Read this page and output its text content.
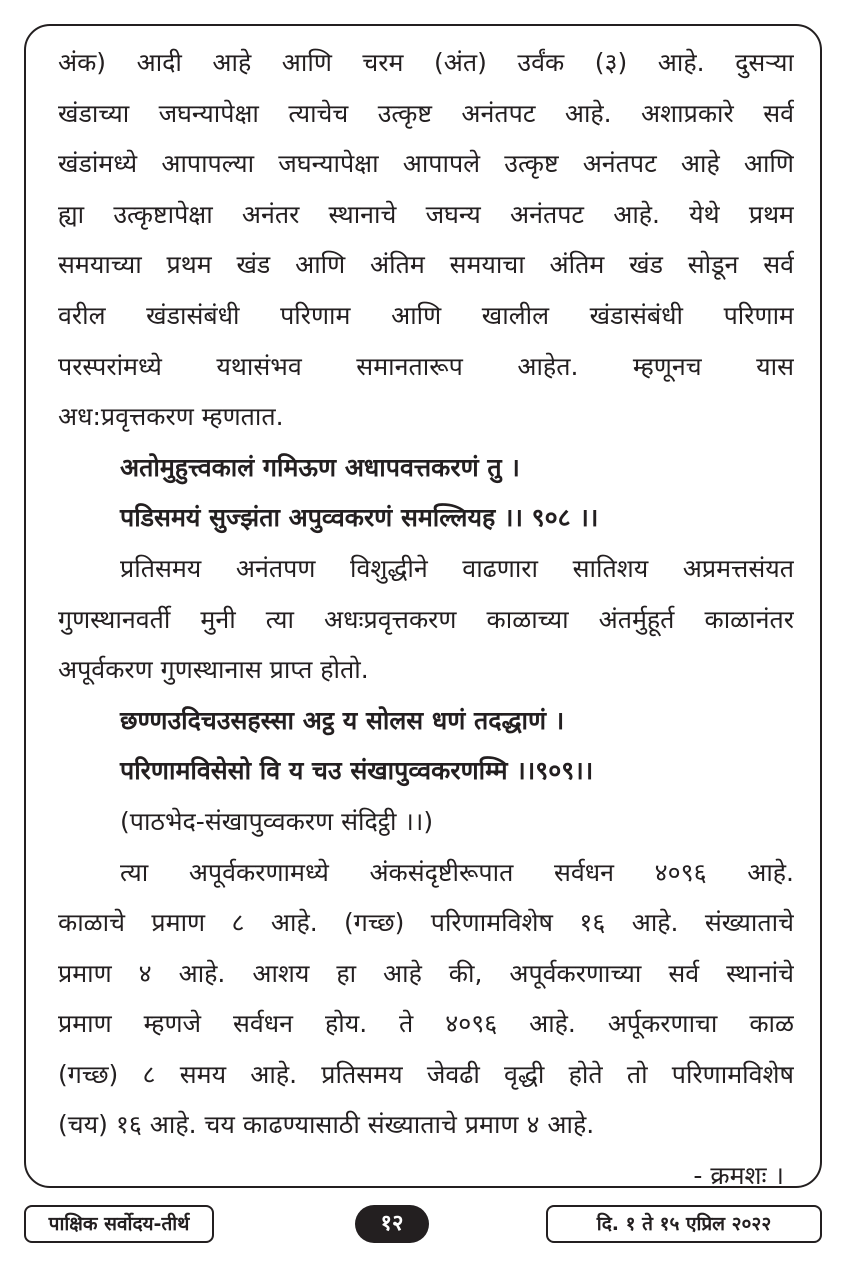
अंक) आदी आहे आणि चरम (अंत) उर्वंक (३) आहे. दुसऱ्या
खंडाच्या जघन्यापेक्षा त्याचेच उत्कृष्ट अनंतपट आहे. अशाप्रकारे सर्व
खंडांमध्ये आपापल्या जघन्यापेक्षा आपापले उत्कृष्ट अनंतपट आहे आणि
ह्या उत्कृष्टापेक्षा अनंतर स्थानाचे जघन्य अनंतपट आहे. येथे प्रथम
समयाच्या प्रथम खंड आणि अंतिम समयाचा अंतिम खंड सोडून सर्व
वरील खंडासंबंधी परिणाम आणि खालील खंडासंबंधी परिणाम
परस्परांमध्ये यथासंभव समानतारूप आहेत. म्हणूनच यास
अध:प्रवृत्तकरण म्हणतात.
अतोमुहुत्त्वकालं गमिऊण अधापवत्तकरणं तु ।
पडिसमयं सुज्झंता अपुव्वकरणं समल्लियह ।। ९०८ ।।
प्रतिसमय अनंतपण विशुद्धीने वाढणारा सातिशय अप्रमत्तसंयत
गुणस्थानवर्ती मुनी त्या अधःप्रवृत्तकरण काळाच्या अंतर्मुहूर्त काळानंतर
अपूर्वकरण गुणस्थानास प्राप्त होतो.
छण्णउदिचउसहस्सा अट्ठ य सोलस धणं तदद्धाणं ।
परिणामविसेसो वि य चउ संखापुव्वकरणम्मि ।।९०९।।
(पाठभेद-संखापुव्वकरण संदिट्ठी ।।)
त्या अपूर्वकरणामध्ये अंकसंदृष्टीरूपात सर्वधन ४०९६ आहे.
काळाचे प्रमाण ८ आहे. (गच्छ) परिणामविशेष १६ आहे. संख्याताचे
प्रमाण ४ आहे. आशय हा आहे की, अपूर्वकरणाच्या सर्व स्थानांचे
प्रमाण म्हणजे सर्वधन होय. ते ४०९६ आहे. अर्पूकरणाचा काळ
(गच्छ) ८ समय आहे. प्रतिसमय जेवढी वृद्धी होते तो परिणामविशेष
(चय) १६ आहे. चय काढण्यासाठी संख्याताचे प्रमाण ४ आहे.
- क्रमशः ।
पाक्षिक सर्वोदय-तीर्थ	१२	दि. १ ते १५ एप्रिल २०२२
